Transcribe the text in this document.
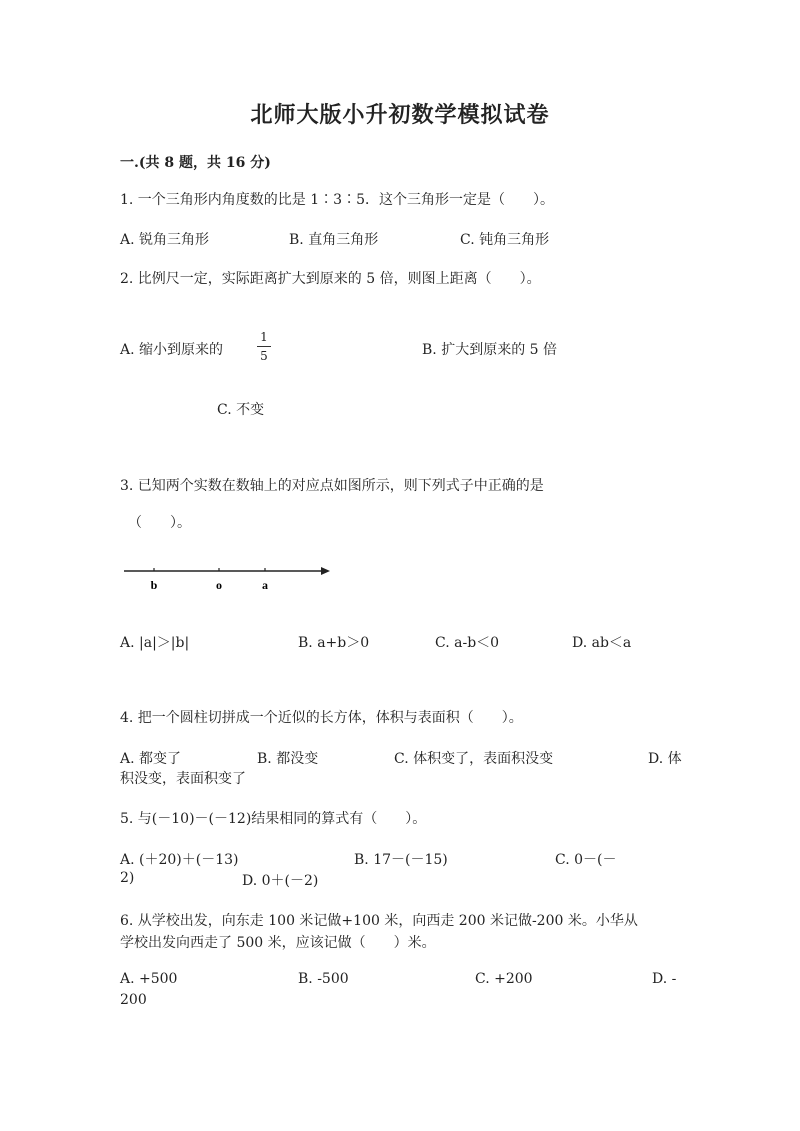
北师大版小升初数学模拟试卷
一.(共 8 题，共 16 分)
1. 一个三角形内角度数的比是 1∶3∶5．这个三角形一定是（　　）。
A. 锐角三角形	B. 直角三角形	C. 钝角三角形
2. 比例尺一定，实际距离扩大到原来的 5 倍，则图上距离（　　）。
A. 缩小到原来的
1
5	B. 扩大到原来的 5 倍
C. 不变
3. 已知两个实数在数轴上的对应点如图所示，则下列式子中正确的是
（　　）。
b	o	a
A. |a|＞|b|	B. a+b＞0	C. a-b＜0	D. ab＜a
4. 把一个圆柱切拼成一个近似的长方体，体积与表面积（　　）。
A. 都变了	B. 都没变	C. 体积变了，表面积没变	D. 体
积没变，表面积变了
5. 与(－10)－(－12)结果相同的算式有（　　）。
A. (＋20)＋(－13)	B. 17－(－15)	C. 0－(－
2)	D. 0＋(－2)
6. 从学校出发，向东走 100 米记做+100 米，向西走 200 米记做-200 米。小华从
学校出发向西走了 500 米，应该记做（　　）米。
A. +500	B. -500	C. +200	D. -
200
